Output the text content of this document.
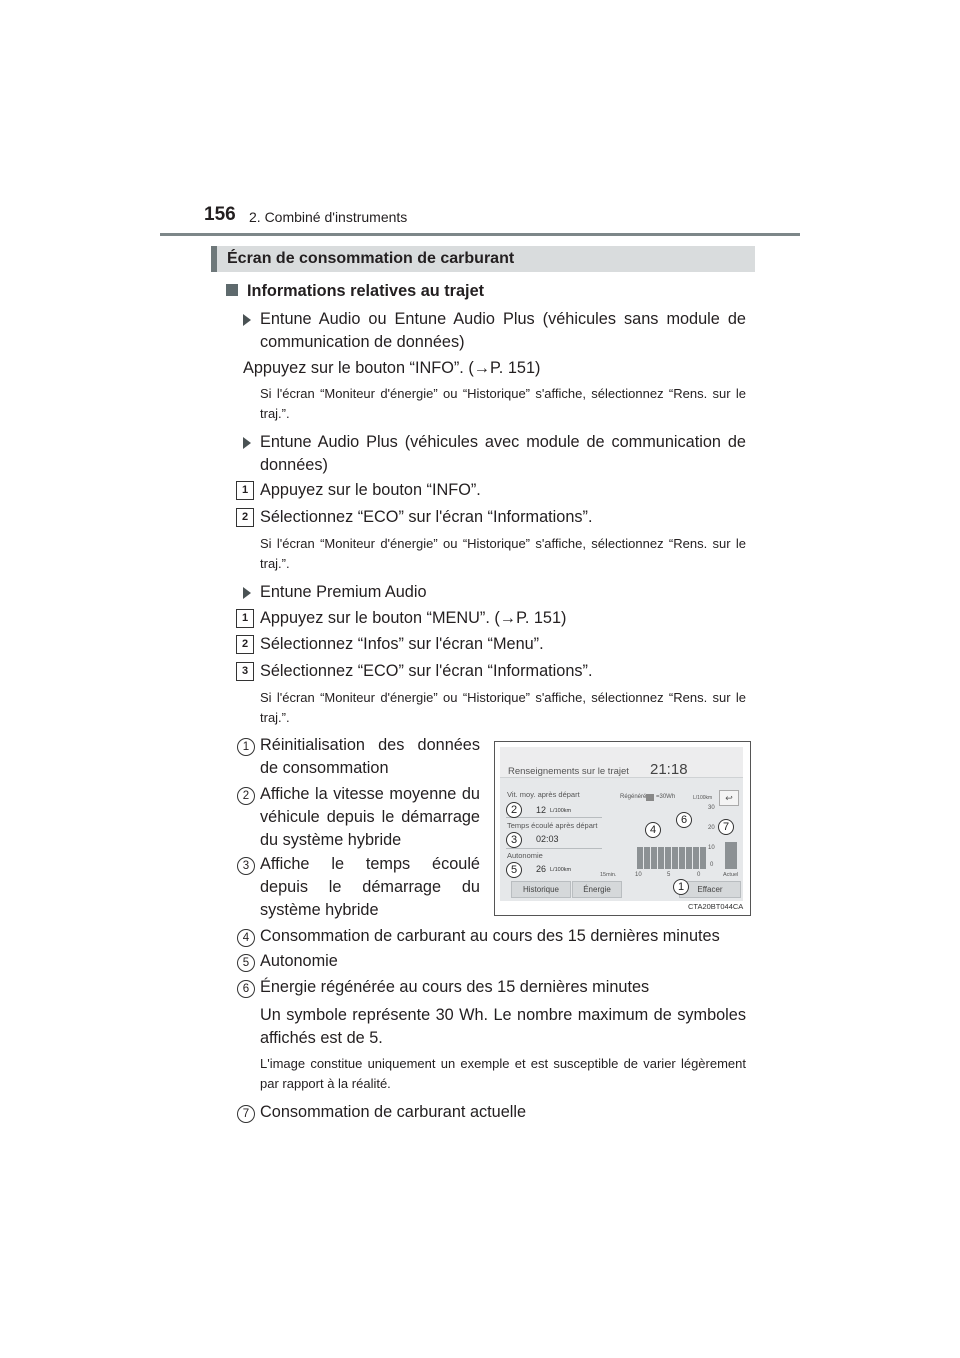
156 2. Combiné d'instruments
Écran de consommation de carburant
Informations relatives au trajet
Entune Audio ou Entune Audio Plus (véhicules sans module de communication de données)
Appuyez sur le bouton “INFO”. (→P. 151)
Si l'écran “Moniteur d'énergie” ou “Historique” s'affiche, sélectionnez “Rens. sur le traj.”.
Entune Audio Plus (véhicules avec module de communication de données)
1 Appuyez sur le bouton “INFO”.
2 Sélectionnez “ECO” sur l'écran “Informations”.
Si l'écran “Moniteur d'énergie” ou “Historique” s'affiche, sélectionnez “Rens. sur le traj.”.
Entune Premium Audio
1 Appuyez sur le bouton “MENU”. (→P. 151)
2 Sélectionnez “Infos” sur l'écran “Menu”.
3 Sélectionnez “ECO” sur l'écran “Informations”.
Si l'écran “Moniteur d'énergie” ou “Historique” s'affiche, sélectionnez “Rens. sur le traj.”.
1 Réinitialisation des données de consommation
2 Affiche la vitesse moyenne du véhicule depuis le démarrage du système hybride
3 Affiche le temps écoulé depuis le démarrage du système hybride
Renseignements sur le trajet 21:18
Vit. moy. après départ
12 L/100km
Temps écoulé après départ
02:03
Autonomie
26 L/100km
Régénéré =30Wh	L/100km	↩
30
20
10
0
15min.	10	5	0	Actuel
Historique	Énergie	Effacer
2
3
5
4
6
7
1
CTA20BT044CA
4 Consommation de carburant au cours des 15 dernières minutes
5 Autonomie
6 Énergie régénérée au cours des 15 dernières minutes
Un symbole représente 30 Wh. Le nombre maximum de symboles affichés est de 5.
L'image constitue uniquement un exemple et est susceptible de varier légèrement par rapport à la réalité.
7 Consommation de carburant actuelle
